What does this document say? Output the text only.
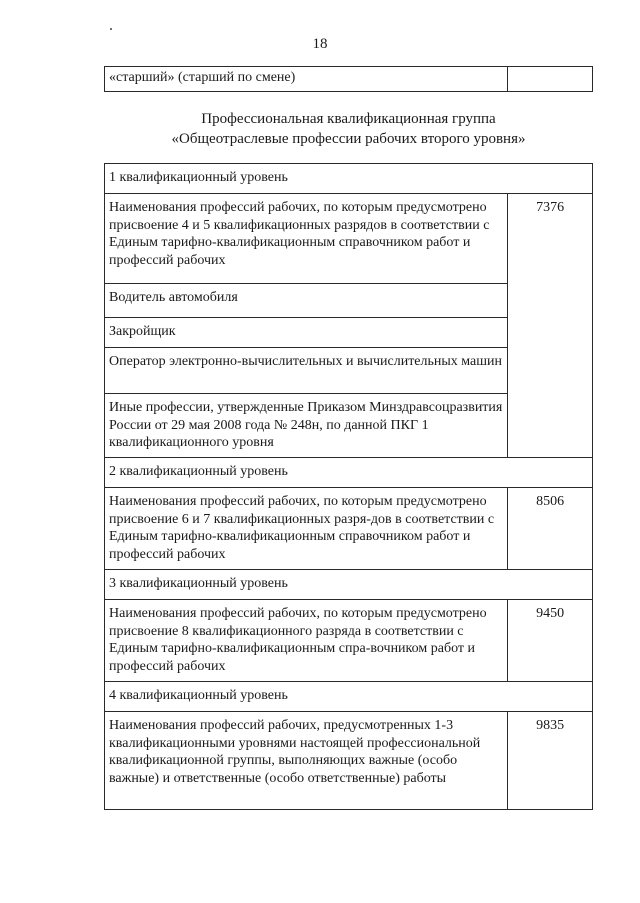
18
«старший» (старший по смене)	
Профессиональная квалификационная группа
«Общеотраслевые профессии рабочих второго уровня»
1 квалификационный уровень	
Наименования профессий рабочих, по которым предусмотрено присвоение 4 и 5 квалификационных разрядов в соответствии с Единым тарифно-квалификационным справочником работ и профессий рабочих	7376
Водитель автомобиля	
Закройщик	
Оператор электронно-вычислительных и вычислительных машин	
Иные профессии, утвержденные Приказом Минздравсоцразвития России от 29 мая 2008 года № 248н, по данной ПКГ 1 квалификационного уровня	
2 квалификационный уровень	
Наименования профессий рабочих, по которым предусмотрено присвоение 6 и 7 квалификационных разря-дов в соответствии с Единым тарифно-квалификационным справочником работ и профессий рабочих	8506
3 квалификационный уровень	
Наименования профессий рабочих, по которым предусмотрено присвоение 8 квалификационного разряда в соответствии с Единым тарифно-квалификационным спра-вочником работ и профессий рабочих	9450
4 квалификационный уровень	
Наименования профессий рабочих, предусмотренных 1-3 квалификационными уровнями настоящей профессиональной квалификационной группы, выполняющих важные (особо важные) и ответственные (особо ответственные) работы	9835
